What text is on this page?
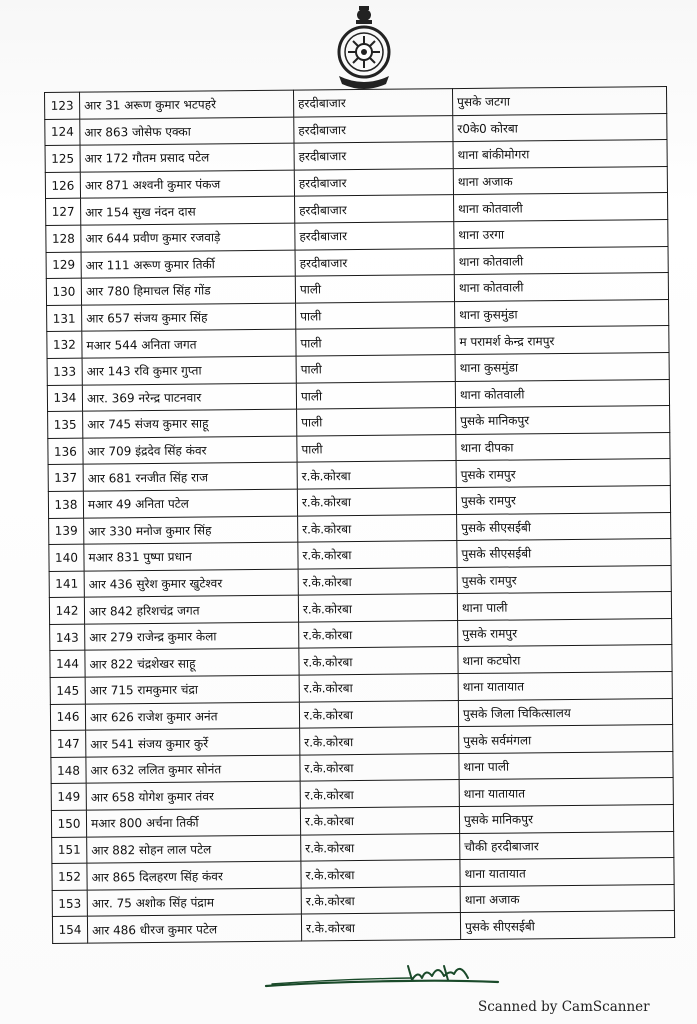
123	आर 31 अरूण कुमार भटपहरे	हरदीबाजार	पुसके जटगा
124	आर 863 जोसेफ एक्का	हरदीबाजार	र0के0 कोरबा
125	आर 172 गौतम प्रसाद पटेल	हरदीबाजार	थाना बांकीमोगरा
126	आर 871 अश्वनी कुमार पंकज	हरदीबाजार	थाना अजाक
127	आर 154 सुख नंदन दास	हरदीबाजार	थाना कोतवाली
128	आर 644 प्रवीण कुमार रजवाड़े	हरदीबाजार	थाना उरगा
129	आर 111 अरूण कुमार तिर्की	हरदीबाजार	थाना कोतवाली
130	आर 780 हिमाचल सिंह गोंड	पाली	थाना कोतवाली
131	आर 657 संजय कुमार सिंह	पाली	थाना कुसमुंडा
132	मआर 544 अनिता जगत	पाली	म परामर्श केन्द्र रामपुर
133	आर 143 रवि कुमार गुप्ता	पाली	थाना कुसमुंडा
134	आर. 369 नरेन्द्र पाटनवार	पाली	थाना कोतवाली
135	आर 745 संजय कुमार साहू	पाली	पुसके मानिकपुर
136	आर 709 इंद्रदेव सिंह कंवर	पाली	थाना दीपका
137	आर 681 रनजीत सिंह राज	र.के.कोरबा	पुसके रामपुर
138	मआर 49 अनिता पटेल	र.के.कोरबा	पुसके रामपुर
139	आर 330 मनोज कुमार सिंह	र.के.कोरबा	पुसके सीएसईबी
140	मआर 831 पुष्पा प्रधान	र.के.कोरबा	पुसके सीएसईबी
141	आर 436 सुरेश कुमार खुटेश्वर	र.के.कोरबा	पुसके रामपुर
142	आर 842 हरिशचंद्र जगत	र.के.कोरबा	थाना पाली
143	आर 279 राजेन्द्र कुमार केला	र.के.कोरबा	पुसके रामपुर
144	आर 822 चंद्रशेखर साहू	र.के.कोरबा	थाना कटघोरा
145	आर 715 रामकुमार चंद्रा	र.के.कोरबा	थाना यातायात
146	आर 626 राजेश कुमार अनंत	र.के.कोरबा	पुसके जिला चिकित्सालय
147	आर 541 संजय कुमार कुर्रे	र.के.कोरबा	पुसके सर्वमंगला
148	आर 632 ललित कुमार सोनंत	र.के.कोरबा	थाना पाली
149	आर 658 योगेश कुमार तंवर	र.के.कोरबा	थाना यातायात
150	मआर 800 अर्चना तिर्की	र.के.कोरबा	पुसके मानिकपुर
151	आर 882 सोहन लाल पटेल	र.के.कोरबा	चौकी हरदीबाजार
152	आर 865 दिलहरण सिंह कंवर	र.के.कोरबा	थाना यातायात
153	आर. 75 अशोक सिंह पंद्राम	र.के.कोरबा	थाना अजाक
154	आर 486 धीरज कुमार पटेल	र.के.कोरबा	पुसके सीएसईबी
Scanned by CamScanner
